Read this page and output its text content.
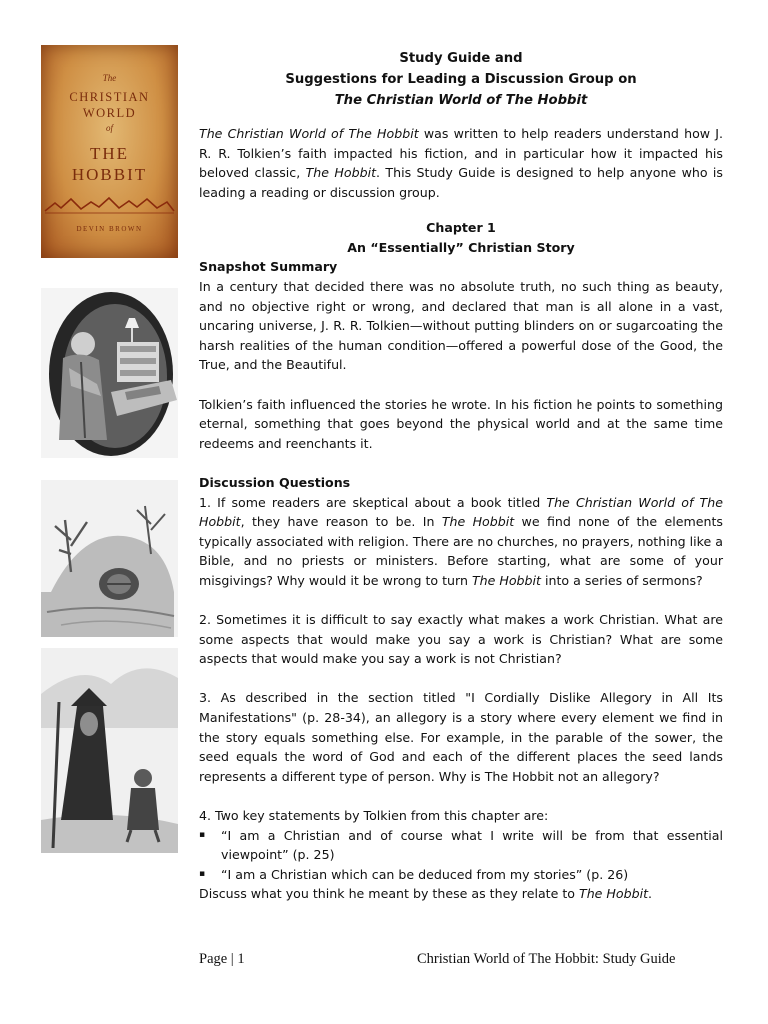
The
CHRISTIAN
WORLD
of
THE
HOBBIT
DEVIN BROWN
Study Guide and
Suggestions for Leading a Discussion Group on
The Christian World of The Hobbit

The Christian World of The Hobbit was written to help readers understand how J. R. R. Tolkien’s faith impacted his fiction, and in particular how it impacted his beloved classic, The Hobbit. This Study Guide is designed to help anyone who is leading a reading or discussion group.

Chapter 1
An “Essentially” Christian Story

Snapshot Summary

In a century that decided there was no absolute truth, no such thing as beauty, and no objective right or wrong, and declared that man is all alone in a vast, uncaring universe, J. R. R. Tolkien—without putting blinders on or sugarcoating the harsh realities of the human condition—offered a powerful dose of the Good, the True, and the Beautiful.

Tolkien’s faith influenced the stories he wrote. In his fiction he points to something eternal, something that goes beyond the physical world and at the same time redeems and reenchants it.

Discussion Questions

1. If some readers are skeptical about a book titled The Christian World of The Hobbit, they have reason to be. In The Hobbit we find none of the elements typically associated with religion. There are no churches, no prayers, nothing like a Bible, and no priests or ministers. Before starting, what are some of your misgivings? Why would it be wrong to turn The Hobbit into a series of sermons?

2. Sometimes it is difficult to say exactly what makes a work Christian. What are some aspects that would make you say a work is Christian? What are some aspects that would make you say a work is not Christian?

3. As described in the section titled "I Cordially Dislike Allegory in All Its Manifestations" (p. 28-34), an allegory is a story where every element we find in the story equals something else. For example, in the parable of the sower, the seed equals the word of God and each of the different places the seed lands represents a different type of person. Why is The Hobbit not an allegory?

4. Two key statements by Tolkien from this chapter are:

▪	“I am a Christian and of course what I write will be from that essential viewpoint” (p. 25)
▪	“I am a Christian which can be deduced from my stories” (p. 26)

Discuss what you think he meant by these as they relate to The Hobbit.

Page | 1	Christian World of The Hobbit: Study Guide
